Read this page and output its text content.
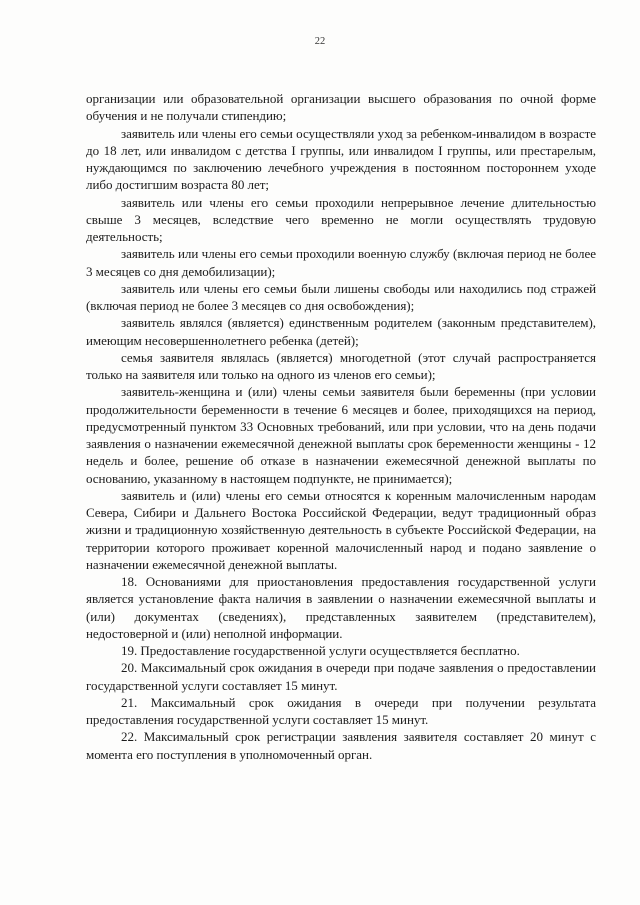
22

организации или образовательной организации высшего образования по очной форме обучения и не получали стипендию;

заявитель или члены его семьи осуществляли уход за ребенком-инвалидом в возрасте до 18 лет, или инвалидом с детства I группы, или инвалидом I группы, или престарелым, нуждающимся по заключению лечебного учреждения в постоянном постороннем уходе либо достигшим возраста 80 лет;

заявитель или члены его семьи проходили непрерывное лечение длительностью свыше 3 месяцев, вследствие чего временно не могли осуществлять трудовую деятельность;

заявитель или члены его семьи проходили военную службу (включая период не более 3 месяцев со дня демобилизации);

заявитель или члены его семьи были лишены свободы или находились под стражей (включая период не более 3 месяцев со дня освобождения);

заявитель являлся (является) единственным родителем (законным представителем), имеющим несовершеннолетнего ребенка (детей);

семья заявителя являлась (является) многодетной (этот случай распространяется только на заявителя или только на одного из членов его семьи);

заявитель-женщина и (или) члены семьи заявителя были беременны (при условии продолжительности беременности в течение 6 месяцев и более, приходящихся на период, предусмотренный пунктом 33 Основных требований, или при условии, что на день подачи заявления о назначении ежемесячной денежной выплаты срок беременности женщины - 12 недель и более, решение об отказе в назначении ежемесячной денежной выплаты по основанию, указанному в настоящем подпункте, не принимается);

заявитель и (или) члены его семьи относятся к коренным малочисленным народам Севера, Сибири и Дальнего Востока Российской Федерации, ведут традиционный образ жизни и традиционную хозяйственную деятельность в субъекте Российской Федерации, на территории которого проживает коренной малочисленный народ и подано заявление о назначении ежемесячной денежной выплаты.

18. Основаниями для приостановления предоставления государственной услуги является установление факта наличия в заявлении о назначении ежемесячной выплаты и (или) документах (сведениях), представленных заявителем (представителем), недостоверной и (или) неполной информации.

19. Предоставление государственной услуги осуществляется бесплатно.

20. Максимальный срок ожидания в очереди при подаче заявления о предоставлении государственной услуги составляет 15 минут.

21. Максимальный срок ожидания в очереди при получении результата предоставления государственной услуги составляет 15 минут.

22. Максимальный срок регистрации заявления заявителя составляет 20 минут с момента его поступления в уполномоченный орган.
